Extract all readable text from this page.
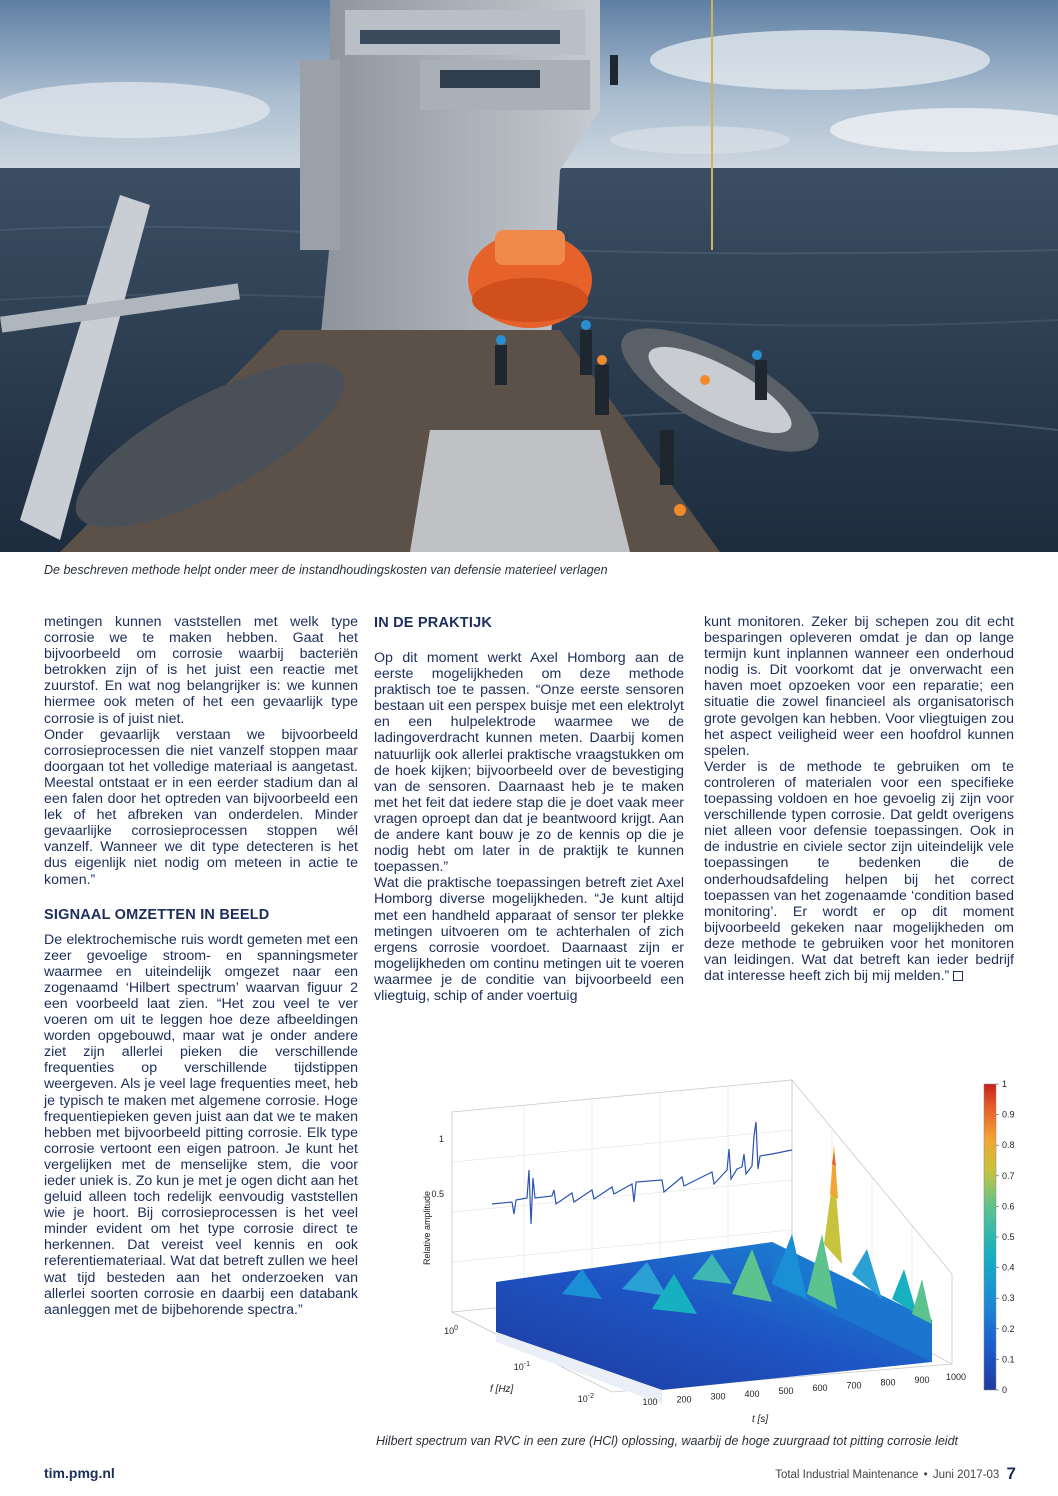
De beschreven methode helpt onder meer de instandhoudingskosten van defensie materieel verlagen

metingen kunnen vaststellen met welk type corrosie we te maken hebben. Gaat het bijvoorbeeld om corrosie waarbij bacteriën betrokken zijn of is het juist een reactie met zuurstof. En wat nog belangrijker is: we kunnen hiermee ook meten of het een gevaarlijk type corrosie is of juist niet.

Onder gevaarlijk verstaan we bijvoorbeeld corrosieprocessen die niet vanzelf stoppen maar doorgaan tot het volledige materiaal is aangetast. Meestal ontstaat er in een eerder stadium dan al een falen door het optreden van bijvoorbeeld een lek of het afbreken van onderdelen. Minder gevaarlijke corrosieprocessen stoppen wél vanzelf. Wanneer we dit type detecteren is het dus eigenlijk niet nodig om meteen in actie te komen.”

SIGNAAL OMZETTEN IN BEELD

De elektrochemische ruis wordt gemeten met een zeer gevoelige stroom- en spanningsmeter waarmee en uiteindelijk omgezet naar een zogenaamd ‘Hilbert spectrum’ waarvan figuur 2 een voorbeeld laat zien. “Het zou veel te ver voeren om uit te leggen hoe deze afbeeldingen worden opgebouwd, maar wat je onder andere ziet zijn allerlei pieken die verschillende frequenties op verschillende tijdstippen weergeven. Als je veel lage frequenties meet, heb je typisch te maken met algemene corrosie. Hoge frequentiepieken geven juist aan dat we te maken hebben met bijvoorbeeld pitting corrosie. Elk type corrosie vertoont een eigen patroon. Je kunt het vergelijken met de menselijke stem, die voor ieder uniek is. Zo kun je met je ogen dicht aan het geluid alleen toch redelijk eenvoudig vaststellen wie je hoort. Bij corrosieprocessen is het veel minder evident om het type corrosie direct te herkennen. Dat vereist veel kennis en ook referentiemateriaal. Wat dat betreft zullen we heel wat tijd besteden aan het onderzoeken van allerlei soorten corrosie en daarbij een databank aanleggen met de bijbehorende spectra.”

IN DE PRAKTIJK

Op dit moment werkt Axel Homborg aan de eerste mogelijkheden om deze methode praktisch toe te passen. “Onze eerste sensoren bestaan uit een perspex buisje met een elektrolyt en een hulpelektrode waarmee we de ladingoverdracht kunnen meten. Daarbij komen natuurlijk ook allerlei praktische vraagstukken om de hoek kijken; bijvoorbeeld over de bevestiging van de sensoren. Daarnaast heb je te maken met het feit dat iedere stap die je doet vaak meer vragen oproept dan dat je beantwoord krijgt. Aan de andere kant bouw je zo de kennis op die je nodig hebt om later in de praktijk te kunnen toepassen.”

Wat die praktische toepassingen betreft ziet Axel Homborg diverse mogelijkheden. “Je kunt altijd met een handheld apparaat of sensor ter plekke metingen uitvoeren om te achterhalen of zich ergens corrosie voordoet. Daarnaast zijn er mogelijkheden om continu metingen uit te voeren waarmee je de conditie van bijvoorbeeld een vliegtuig, schip of ander voertuig

kunt monitoren. Zeker bij schepen zou dit echt besparingen opleveren omdat je dan op lange termijn kunt inplannen wanneer een onderhoud nodig is. Dit voorkomt dat je onverwacht een haven moet opzoeken voor een reparatie; een situatie die zowel financieel als organisatorisch grote gevolgen kan hebben. Voor vliegtuigen zou het aspect veiligheid weer een hoofdrol kunnen spelen.

Verder is de methode te gebruiken om te controleren of materialen voor een specifieke toepassing voldoen en hoe gevoelig zij zijn voor verschillende typen corrosie. Dat geldt overigens niet alleen voor defensie toepassingen. Ook in de industrie en civiele sector zijn uiteindelijk vele toepassingen te bedenken die de onderhoudsafdeling helpen bij het correct toepassen van het zogenaamde ‘condition based monitoring’. Er wordt er op dit moment bijvoorbeeld gekeken naar mogelijkheden om deze methode te gebruiken voor het monitoren van leidingen. Wat dat betreft kan ieder bedrijf dat interesse heeft zich bij mij melden.”

Relative amplitude 0.5
1
$10^0$
$10^{-1}$
$10^{-2}$
100 200 300 400 500 600 700 800 900 1000
f [Hz]
t [s]
0
0.1
0.2
0.3
0.4
0.5
0.6
0.7
0.8
0.9
1
Hilbert spectrum van RVC in een zure (HCl) oplossing, waarbij de hoge zuurgraad tot pitting corrosie leidt
tim.pmg.nl	Total Industrial Maintenance • Juni 2017-03 7
